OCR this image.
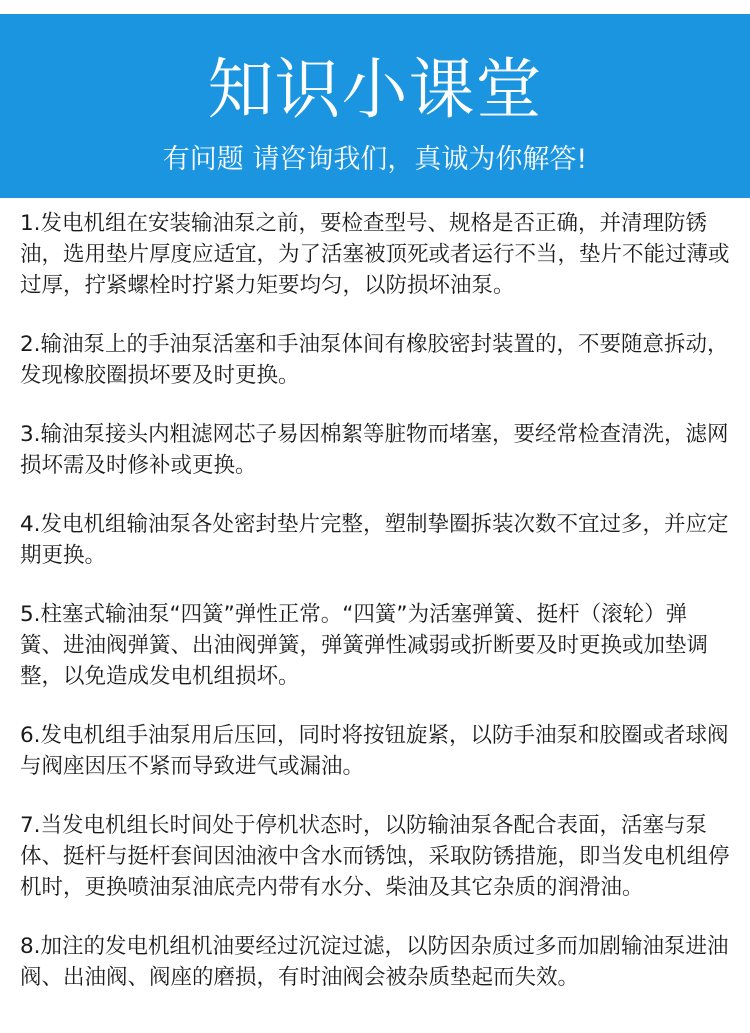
知识小课堂
有问题 请咨询我们，真诚为你解答!

1.发电机组在安装输油泵之前，要检查型号、规格是否正确，并清理防锈油，选用垫片厚度应适宜，为了活塞被顶死或者运行不当，垫片不能过薄或过厚，拧紧螺栓时拧紧力矩要均匀，以防损坏油泵。

2.输油泵上的手油泵活塞和手油泵体间有橡胶密封装置的，不要随意拆动，发现橡胶圈损坏要及时更换。

3.输油泵接头内粗滤网芯子易因棉絮等脏物而堵塞，要经常检查清洗，滤网损坏需及时修补或更换。

4.发电机组输油泵各处密封垫片完整，塑制挚圈拆装次数不宜过多，并应定期更换。

5.柱塞式输油泵“四簧”弹性正常。“四簧”为活塞弹簧、挺杆（滚轮）弹簧、进油阀弹簧、出油阀弹簧，弹簧弹性减弱或折断要及时更换或加垫调整，以免造成发电机组损坏。

6.发电机组手油泵用后压回，同时将按钮旋紧，以防手油泵和胶圈或者球阀与阀座因压不紧而导致进气或漏油。

7.当发电机组长时间处于停机状态时，以防输油泵各配合表面，活塞与泵体、挺杆与挺杆套间因油液中含水而锈蚀，采取防锈措施，即当发电机组停机时，更换喷油泵油底壳内带有水分、柴油及其它杂质的润滑油。

8.加注的发电机组机油要经过沉淀过滤，以防因杂质过多而加剧输油泵进油阀、出油阀、阀座的磨损，有时油阀会被杂质垫起而失效。
